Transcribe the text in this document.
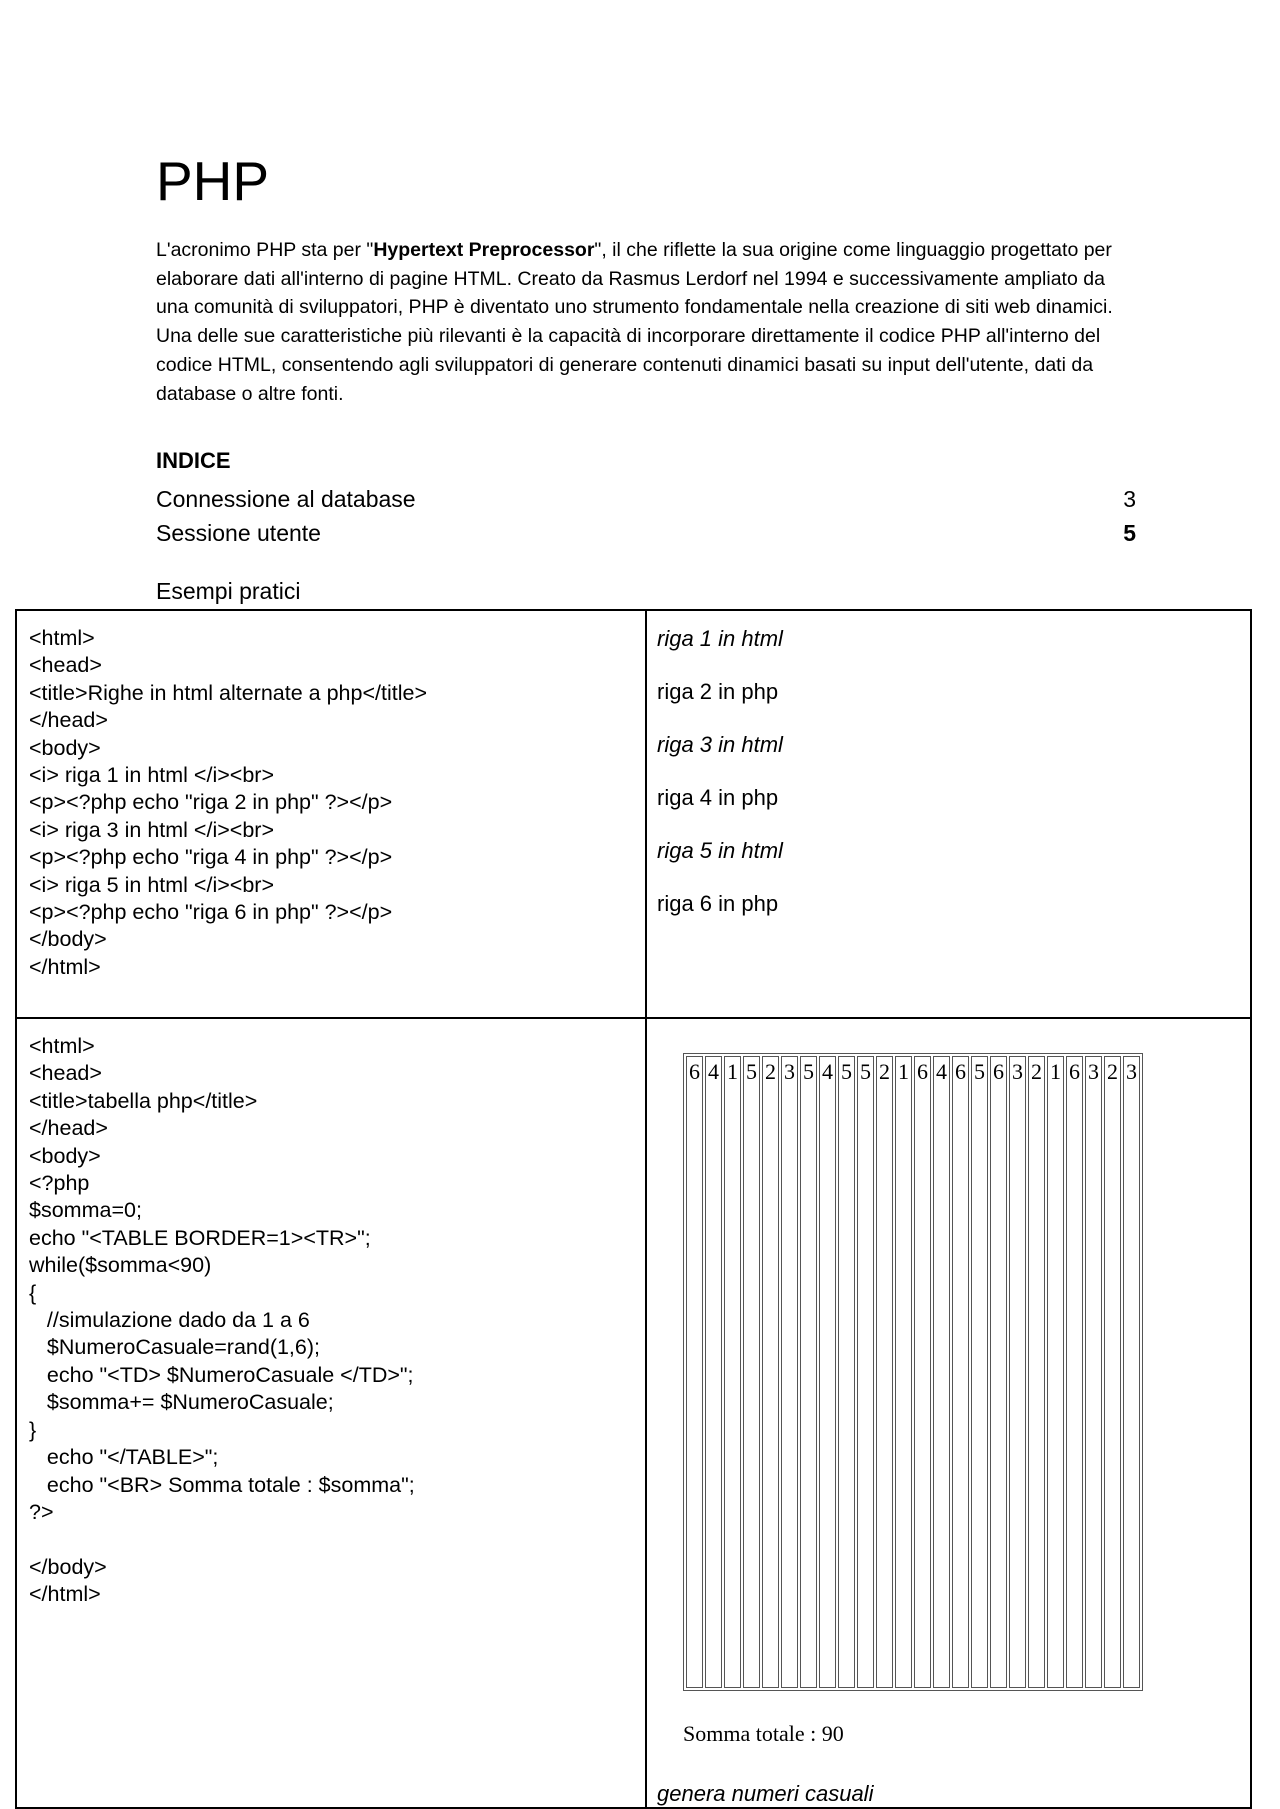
PHP

L'acronimo PHP sta per "Hypertext Preprocessor", il che riflette la sua origine come linguaggio progettato per elaborare dati all'interno di pagine HTML. Creato da Rasmus Lerdorf nel 1994 e successivamente ampliato da una comunità di sviluppatori, PHP è diventato uno strumento fondamentale nella creazione di siti web dinamici. Una delle sue caratteristiche più rilevanti è la capacità di incorporare direttamente il codice PHP all'interno del codice HTML, consentendo agli sviluppatori di generare contenuti dinamici basati su input dell'utente, dati da database o altre fonti.

INDICE
Connessione al database	3
Sessione utente	5
Esempi pratici
<html>
<head>
<title>Righe in html alternate a php</title>
</head>
<body>
<i> riga 1 in html </i><br>
<p><?php echo "riga 2 in php" ?></p>
<i> riga 3 in html </i><br>
<p><?php echo "riga 4 in php" ?></p>
<i> riga 5 in html </i><br>
<p><?php echo "riga 6 in php" ?></p>
</body>
</html>

riga 1 in html
riga 2 in php
riga 3 in html
riga 4 in php
riga 5 in html
riga 6 in php

<html>
<head>
<title>tabella php</title>
</head>
<body>
<?php
$somma=0;
echo "<TABLE BORDER=1><TR>";
while($somma<90)
{
//simulazione dado da 1 a 6
$NumeroCasuale=rand(1,6);
echo "<TD> $NumeroCasuale </TD>";
$somma+= $NumeroCasuale;
}
echo "</TABLE>";
echo "<BR> Somma totale : $somma";
?>

</body>
</html>

6	4	1	5	2	3	5	4	5	5	2	1	6	4	6	5	6	3	2	1	6	3	2	3
Somma totale : 90
genera numeri casuali
